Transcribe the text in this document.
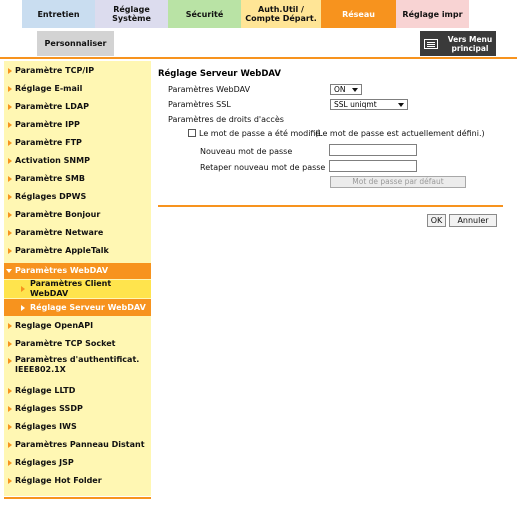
Entretien	Réglage Système	Sécurité	Auth.Util / Compte Départ.	Réseau	Réglage impr
Personnaliser	Vers Menu principal
Paramètre TCP/IP
Réglage E-mail
Paramètre LDAP
Paramètre IPP
Paramètre FTP
Activation SNMP
Paramètre SMB
Réglages DPWS
Paramètre Bonjour
Paramètre Netware
Paramètre AppleTalk
Paramètres WebDAV
Paramètres Client WebDAV
Réglage Serveur WebDAV
Reglage OpenAPI
Paramètre TCP Socket
Paramètres d'authentificat. IEEE802.1X
Réglage LLTD
Réglages SSDP
Réglages IWS
Paramètres Panneau Distant
Réglages JSP
Réglage Hot Folder
Réglage Serveur WebDAV
Paramètres WebDAV	ON
Paramètres SSL	SSL uniqmt
Paramètres de droits d'accès
Le mot de passe a été modifié.
(Le mot de passe est actuellement défini.)
Nouveau mot de passe
Retaper nouveau mot de passe
Mot de passe par défaut
OK	Annuler
